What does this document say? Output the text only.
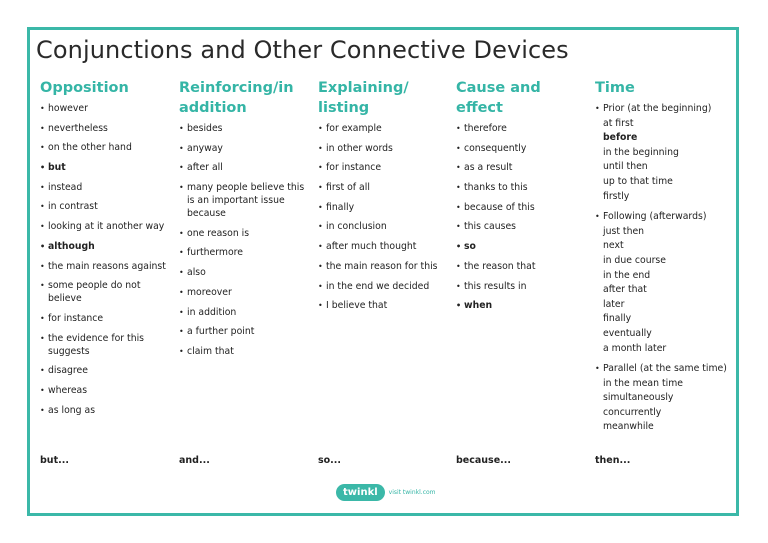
Conjunctions and Other Connective Devices
Opposition
• however
• nevertheless
• on the other hand
• but
• instead
• in contrast
• looking at it another way
• although
• the main reasons against
• some people do not believe
• for instance
• the evidence for this suggests
• disagree
• whereas
• as long as
Reinforcing/in addition
• besides
• anyway
• after all
• many people believe this is an important issue because
• one reason is
• furthermore
• also
• moreover
• in addition
• a further point
• claim that
Explaining/ listing
• for example
• in other words
• for instance
• first of all
• finally
• in conclusion
• after much thought
• the main reason for this
• in the end we decided
• I believe that
Cause and effect
• therefore
• consequently
• as a result
• thanks to this
• because of this
• this causes
• so
• the reason that
• this results in
• when
Time
• Prior (at the beginning)
at first
before
in the beginning
until then
up to that time
firstly
• Following (afterwards)
just then
next
in due course
in the end
after that
later
finally
eventually
a month later
• Parallel (at the same time)
in the mean time
simultaneously
concurrently
meanwhile
but...	and...	so...	because...	then...
twinkl	visit twinkl.com
